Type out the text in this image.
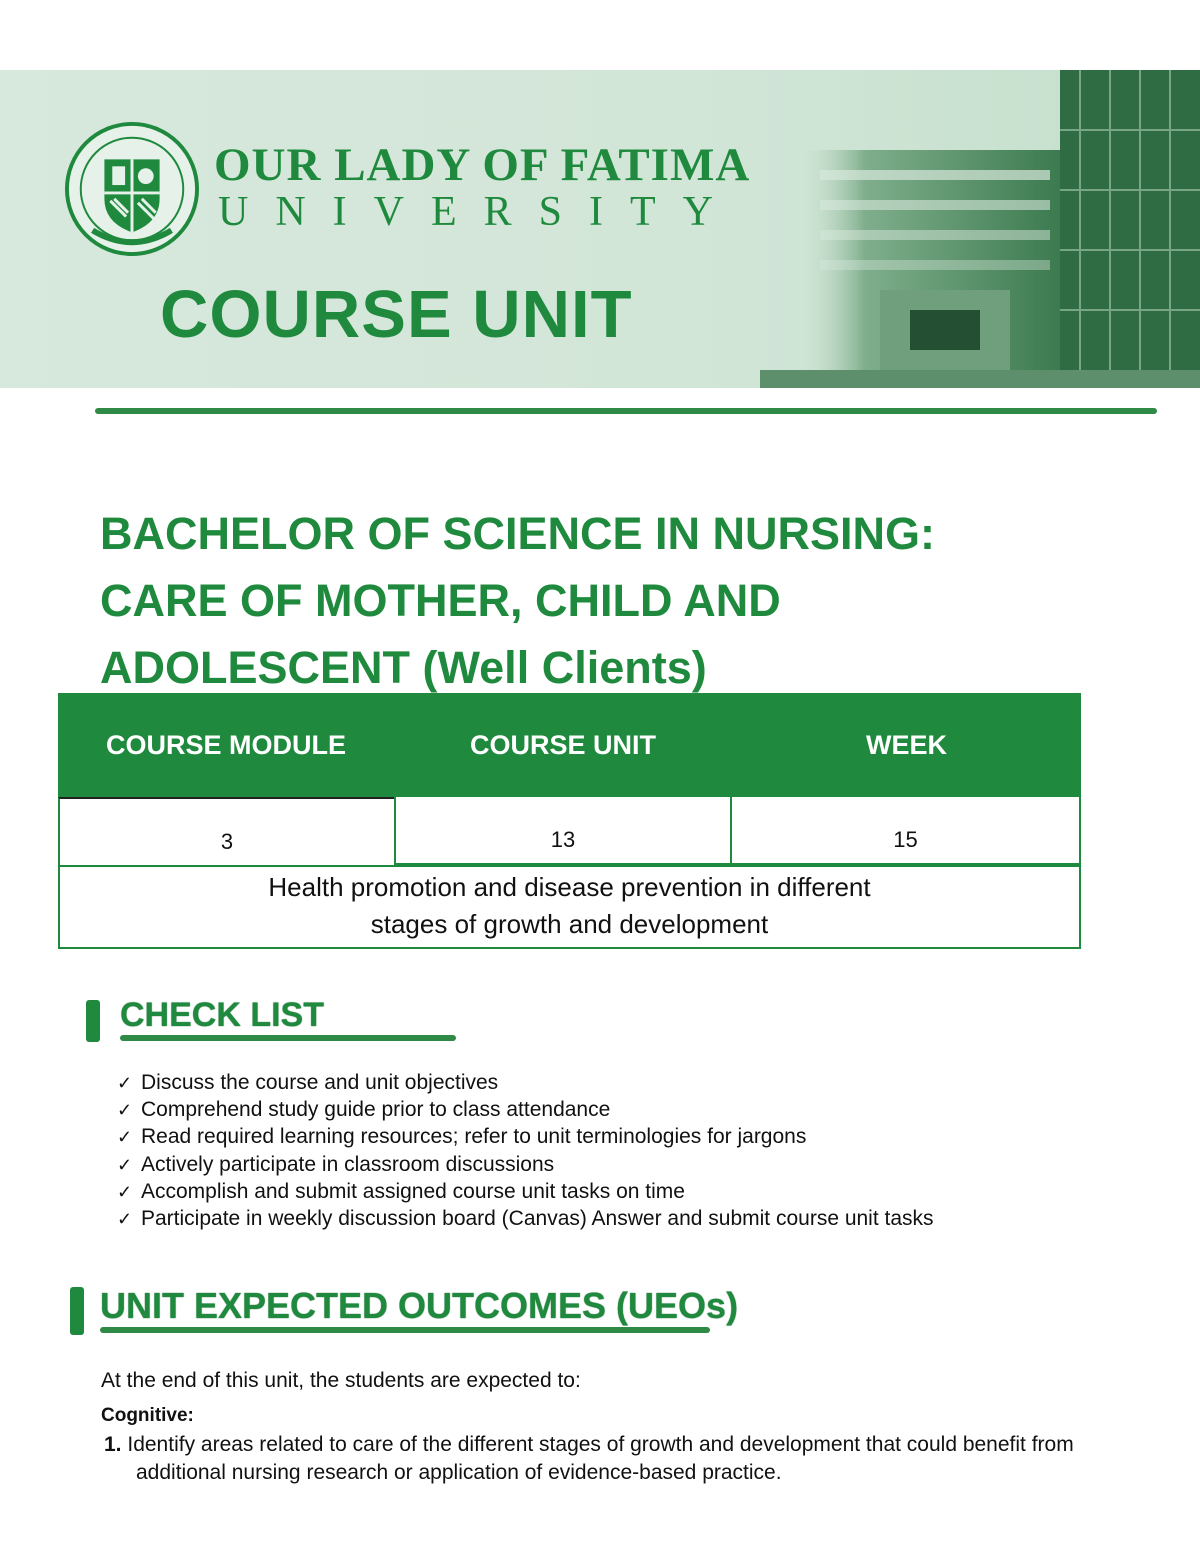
OUR LADY OF FATIMA
UNIVERSITY
COURSE UNIT
BACHELOR OF SCIENCE IN NURSING:
CARE OF MOTHER, CHILD AND
ADOLESCENT (Well Clients)
COURSE MODULE	COURSE UNIT	WEEK
3	13	15
Health promotion and disease prevention in different
stages of growth and development
CHECK LIST
✓ Discuss the course and unit objectives
✓ Comprehend study guide prior to class attendance
✓ Read required learning resources; refer to unit terminologies for jargons
✓ Actively participate in classroom discussions
✓ Accomplish and submit assigned course unit tasks on time
✓ Participate in weekly discussion board (Canvas) Answer and submit course unit tasks
UNIT EXPECTED OUTCOMES (UEOs)
At the end of this unit, the students are expected to:
Cognitive:
1. Identify areas related to care of the different stages of growth and development that could benefit from
additional nursing research or application of evidence-based practice.
